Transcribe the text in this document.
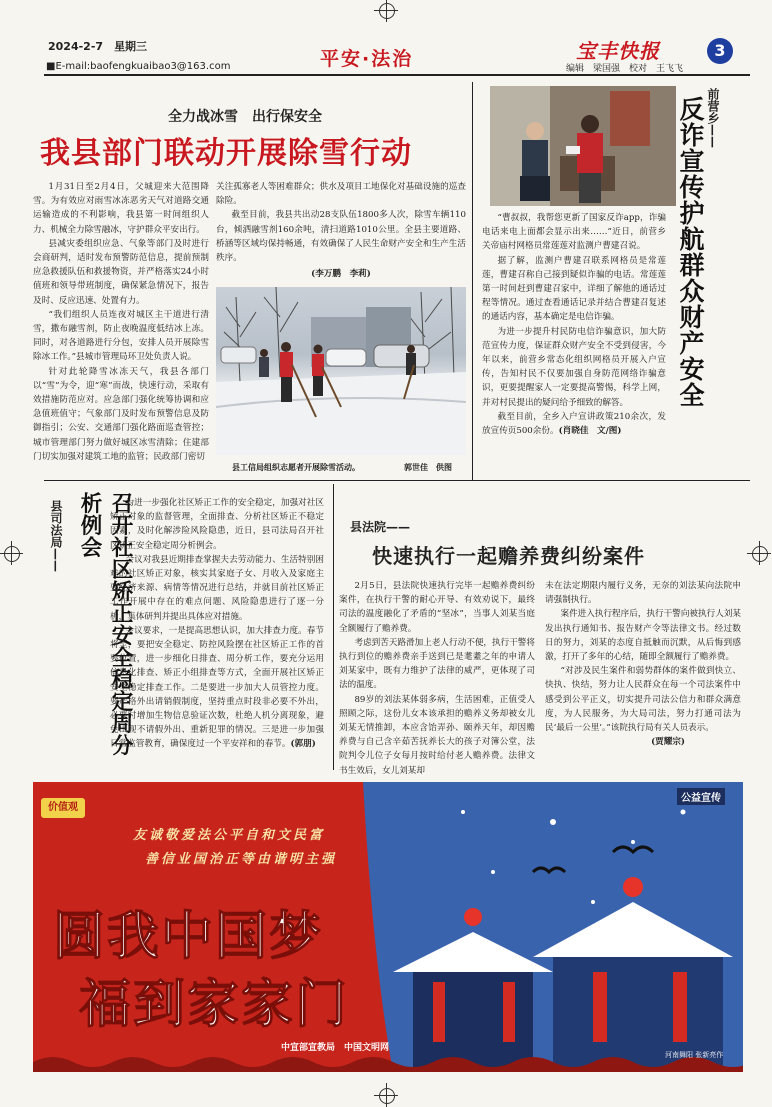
2024-2-7　 星期三
■E-mail:baofengkuaibao3@163.com	平安·法治	宝丰快报	3
编辑　梁国强　校对　王飞飞
全力战冰雪　出行保安全
我县部门联动开展除雪行动

1月31日至2月4日，父城迎来大范围降雪。为有效应对雨雪冰冻恶劣天气对道路交通运输造成的不利影响，我县第一时间组织人力、机械全力除雪融冰，守护群众平安出行。

县减灾委组织应急、气象等部门及时进行会商研判，适时发布预警防范信息，提前预制应急救援队伍和救援物资，并严格落实24小时值班和领导带班制度，确保紧急情况下，报告及时、反应迅速、处置有力。

“我们组织人员连夜对城区主干道进行清雪，撒布融雪剂，防止夜晚温度低结冰上冻。同时，对各道路进行分包，安排人员开展除雪除冰工作。”县城市管理局环卫处负责人说。

针对此轮降雪冰冻天气，我县各部门以“雪”为令，迎“寒”而战，快速行动，采取有效措施防范应对。应急部门强化统筹协调和应急值班值守；气象部门及时发布预警信息及防御指引；公安、交通部门强化路面巡查管控；城市管理部门努力做好城区冰雪清除；住建部门切实加强对建筑工地的监管；民政部门密切

关注孤寡老人等困难群众；供水及项目工地保化对基础设施的巡查除险。

截至目前，我县共出动28支队伍1800多人次，除雪车辆110台，倾洒融雪剂160余吨，清扫道路1010公里。全县主要道路、桥涵等区域均保持畅通，有效确保了人民生命财产安全和生产生活秩序。

(李万鹏　李莉)
县工信局组织志愿者开展除雪活动。	郭世佳　供图
前营乡——
反诈宣传护航群众财产安全

“曹叔叔，我帮您更新了国家反诈app，诈骗电话来电上面都会显示出来……”近日，前营乡关帝庙村网格员常莲莲对监测户曹建召说。

据了解，监测户曹建召联系网格员是常莲莲，曹建召称自己接到疑似诈骗的电话。常莲莲第一时间赶到曹建召家中，详细了解他的通话过程等情况。通过查看通话记录并结合曹建召复述的通话内容，基本确定是电信诈骗。

为进一步提升村民防电信诈骗意识，加大防范宣传力度，保证群众财产安全不受到侵害，今年以来，前营乡常态化组织网格员开展入户宣传，告知村民不仅要加强自身防范网络诈骗意识，更要提醒家人一定要提高警惕，科学上网，并对村民提出的疑问给予细致的解答。

截至目前，全乡入户宣讲政策210余次，发放宣传页500余份。(肖晓佳　文/图)

县司法局——	召开社区矫正安全稳定周分析例会	为进一步强化社区矫正工作的安全稳定，加强对社区矫正对象的监督管理，全面排查、分析社区矫正不稳定因素，及时化解涉险风险隐患，近日，县司法局召开社区矫正安全稳定周分析例会。

会议对我县近期排查掌握夫去劳动能力、生活特别困难的社区矫正对象，核实其家庭子女、月收入及家庭主要经济来源、病情等情况进行总结，并就目前社区矫正工作开展中存在的难点问题、风险隐患进行了逐一分析，集体研判并提出具体应对措施。

会议要求，一是提高思想认识，加大排查力度。春节将至，要把安全稳定、防控风险摆在社区矫正工作的首要位置，进一步细化日排查、周分析工作，要充分运用信息化排查、矫正小组排查等方式，全面开展社区矫正安全稳定排查工作。二是要进一步加大人员管控力度。要严格外出请销假制度，坚持重点时段非必要不外出，必要时增加生物信息验证次数，杜绝人机分离现象，避免出现不请假外出、重新犯罪的情况。三是进一步加强日常监管教育，确保度过一个平安祥和的春节。(郭朋)

县法院——
快速执行一起赡养费纠纷案件

2月5日，县法院快速执行完毕一起赡养费纠纷案件，在执行干警的耐心开导、有效劝说下，最终司法的温度融化了矛盾的“坚冰”，当事人刘某当庭全额履行了赡养费。

考虑到苦天路滑加上老人行动不便，执行干警将执行到位的赡养费亲手送到已是耄耋之年的申请人刘某家中，既有力维护了法律的威严，更体现了司法的温度。

89岁的刘法某体弱多病，生活困难，正值受人照顾之际，这份儿女本该承担的赡养义务却被女儿刘某无情推卸，本应含饴弄孙、颐养天年，却因赡养费与自己含辛茹苦抚养长大的孩子对簿公堂，法院判令儿位子女每月按时给付老人赡养费。法律文书生效后，女儿刘某却

未在法定期限内履行义务，无奈的刘法某向法院申请强制执行。

案件进入执行程序后，执行干警向被执行人刘某发出执行通知书、报告财产令等法律文书。经过数日的努力，刘某的态度自抵触而沉默，从后悔到感激，打开了多年的心结，随即全额履行了赡养费。

“对涉及民生案件和弱势群体的案件做到快立、快执、快结，努力让人民群众在每一个司法案件中感受到公平正义，切实提升司法公信力和群众满意度，为人民服务，为大局司法，努力打通司法为民‘最后一公里’。”该院执行局有关人员表示。

(贾耀宗)
价值观
公益宣传
友诚敬爱法公平自和文民富
善信业国治正等由谐明主强
圆我中国梦
福到家家门
中宣部宣教局　中国文明网
河南舞阳 张新亮作
